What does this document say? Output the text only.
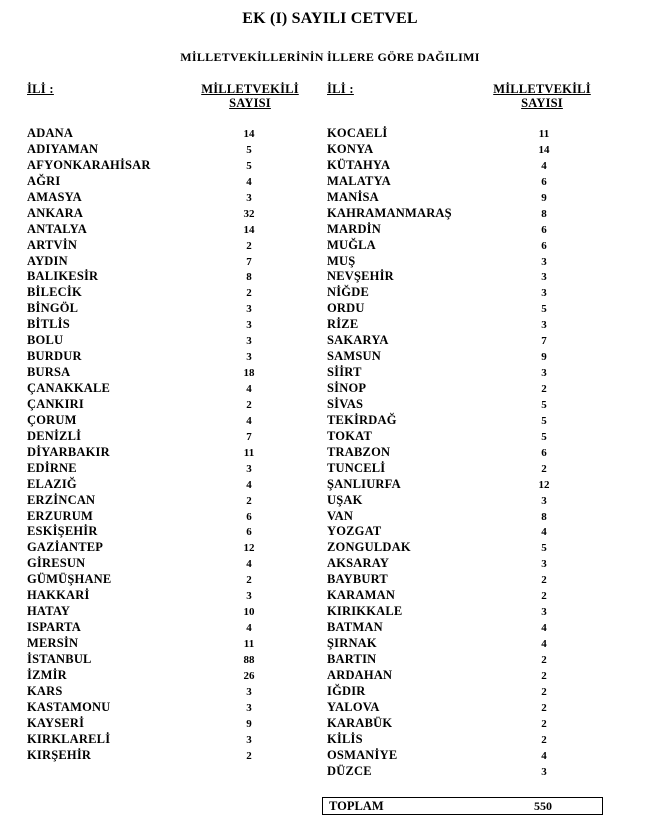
EK (I) SAYILI CETVEL
MİLLETVEKİLLERİNİN İLLERE GÖRE DAĞILIMI
İLİ :	MİLLETVEKİLİ
SAYISI
İLİ :	MİLLETVEKİLİ
SAYISI
ADANA	14
ADIYAMAN	5
AFYONKARAHİSAR	5
AĞRI	4
AMASYA	3
ANKARA	32
ANTALYA	14
ARTVİN	2
AYDIN	7
BALIKESİR	8
BİLECİK	2
BİNGÖL	3
BİTLİS	3
BOLU	3
BURDUR	3
BURSA	18
ÇANAKKALE	4
ÇANKIRI	2
ÇORUM	4
DENİZLİ	7
DİYARBAKIR	11
EDİRNE	3
ELAZIĞ	4
ERZİNCAN	2
ERZURUM	6
ESKİŞEHİR	6
GAZİANTEP	12
GİRESUN	4
GÜMÜŞHANE	2
HAKKARİ	3
HATAY	10
ISPARTA	4
MERSİN	11
İSTANBUL	88
İZMİR	26
KARS	3
KASTAMONU	3
KAYSERİ	9
KIRKLARELİ	3
KIRŞEHİR	2
KOCAELİ	11
KONYA	14
KÜTAHYA	4
MALATYA	6
MANİSA	9
KAHRAMANMARAŞ	8
MARDİN	6
MUĞLA	6
MUŞ	3
NEVŞEHİR	3
NİĞDE	3
ORDU	5
RİZE	3
SAKARYA	7
SAMSUN	9
SİİRT	3
SİNOP	2
SİVAS	5
TEKİRDAĞ	5
TOKAT	5
TRABZON	6
TUNCELİ	2
ŞANLIURFA	12
UŞAK	3
VAN	8
YOZGAT	4
ZONGULDAK	5
AKSARAY	3
BAYBURT	2
KARAMAN	2
KIRIKKALE	3
BATMAN	4
ŞIRNAK	4
BARTIN	2
ARDAHAN	2
IĞDIR	2
YALOVA	2
KARABÜK	2
KİLİS	2
OSMANİYE	4
DÜZCE	3
TOPLAM	550
